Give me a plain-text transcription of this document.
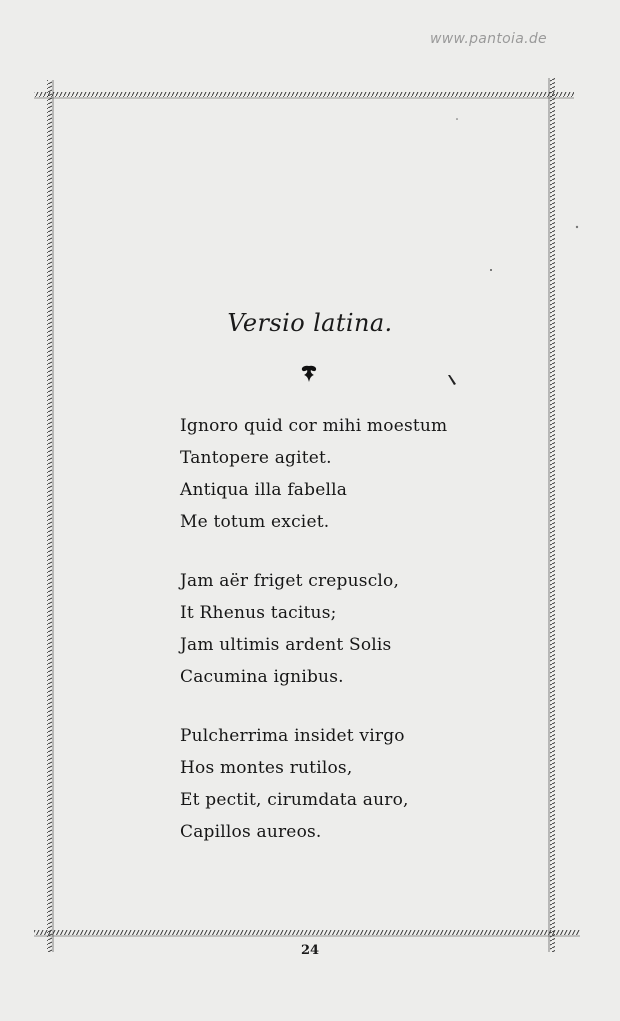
www.pantoia.de
Versio latina.
Ignoro quid cor mihi moestum
Tantopere agitet.
Antiqua illa fabella
Me totum exciet.
Jam aër friget crepusclo,
It Rhenus tacitus;
Jam ultimis ardent Solis
Cacumina ignibus.
Pulcherrima insidet virgo
Hos montes rutilos,
Et pectit, cirumdata auro,
Capillos aureos.
24
